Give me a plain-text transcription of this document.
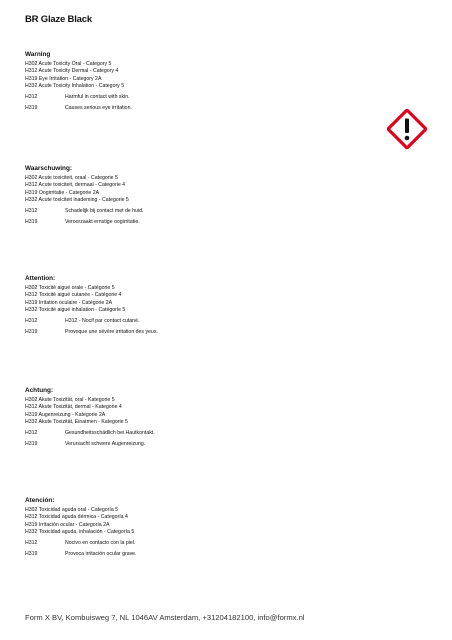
BR Glaze Black
Warning
H302 Acute Toxicity Oral - Category 5
H312 Acute Toxicity Dermal - Category 4
H319 Eye Irritation - Category 2A
H332 Acute Toxicity Inhalation - Category 5
H312	Harmful in contact with skin.
H319	Causes serious eye irritation.
Waarschuwing:
H302 Acute toxiciteit, oraal - Categorie 5
H312 Acute toxiciteit, dermaal - Categorie 4
H319 Oogirritatie - Categorie 2A
H332 Acute toxiciteit inademing - Categorie 5
H312	Schadelijk bij contact met de huid.
H319	Veroorzaakt ernstige oogirritatie.
Attention:
H302 Toxicité aiguë orale - Catégorie 5
H312 Toxicité aiguë cutanée - Catégorie 4
H319 Irritation oculaire - Catégorie 2A
H332 Toxicité aiguë inhalation - Catégorie 5
H312	H312 - Nocif par contact cutané.
H319	Provoque une sévère irritation des yeux.
Achtung:
H302 Akute Toxizität, oral - Kategorie 5
H312 Akute Toxizität, dermal - Kategorie 4
H319 Augenreizung - Kategorie 2A
H332 Akute Toxizität, Einatmen - Kategorie 5
H312	Gesundheitsschädlich bei Hautkontakt.
H319	Verursacht schwere Augenreizung.
Atención:
H302 Toxicidad aguda oral - Categoría 5
H312 Toxicidad aguda dérmica - Categoría 4
H319 Irritación ocular - Categoría 2A
H332 Toxicidad aguda, inhalación - Categoría 5
H312	Nocivo en contacto con la piel.
H319	Provoca irritación ocular grave.
Form X BV, Kombuisweg 7, NL 1046AV Amsterdam, +31204182100, info@formx.nl
